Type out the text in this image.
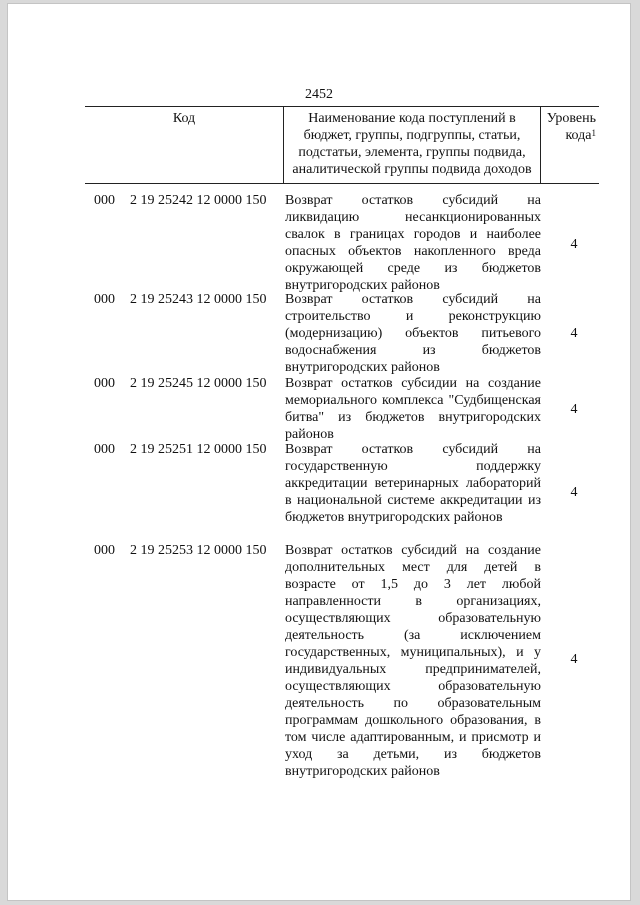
2452
Код	Наименование кода поступлений в бюджет, группы, подгруппы, статьи, подстатьи, элемента, группы подвида, аналитической группы подвида доходов
Уровень кода$^1$
000 2 19 25242 12 0000 150 Возврат остатков субсидий на ликвидацию несанкционированных свалок в границах городов и наиболее опасных объектов накопленного вреда окружающей среде из бюджетов внутригородских районов
4
000 2 19 25243 12 0000 150 Возврат остатков субсидий на строительство и реконструкцию (модернизацию) объектов питьевого водоснабжения из бюджетов внутригородских районов
4
000 2 19 25245 12 0000 150 Возврат остатков субсидии на создание мемориального комплекса "Судбищенская битва" из бюджетов внутригородских районов
4
000 2 19 25251 12 0000 150 Возврат остатков субсидий на государственную поддержку аккредитации ветеринарных лабораторий в национальной системе аккредитации из бюджетов внутригородских районов
4
000 2 19 25253 12 0000 150 Возврат остатков субсидий на создание дополнительных мест для детей в возрасте от 1,5 до 3 лет любой направленности в организациях, осуществляющих образовательную деятельность (за исключением государственных, муниципальных), и у индивидуальных предпринимателей, осуществляющих образовательную деятельность по образовательным программам дошкольного образования, в том числе адаптированным, и присмотр и уход за детьми, из бюджетов внутригородских районов
4
